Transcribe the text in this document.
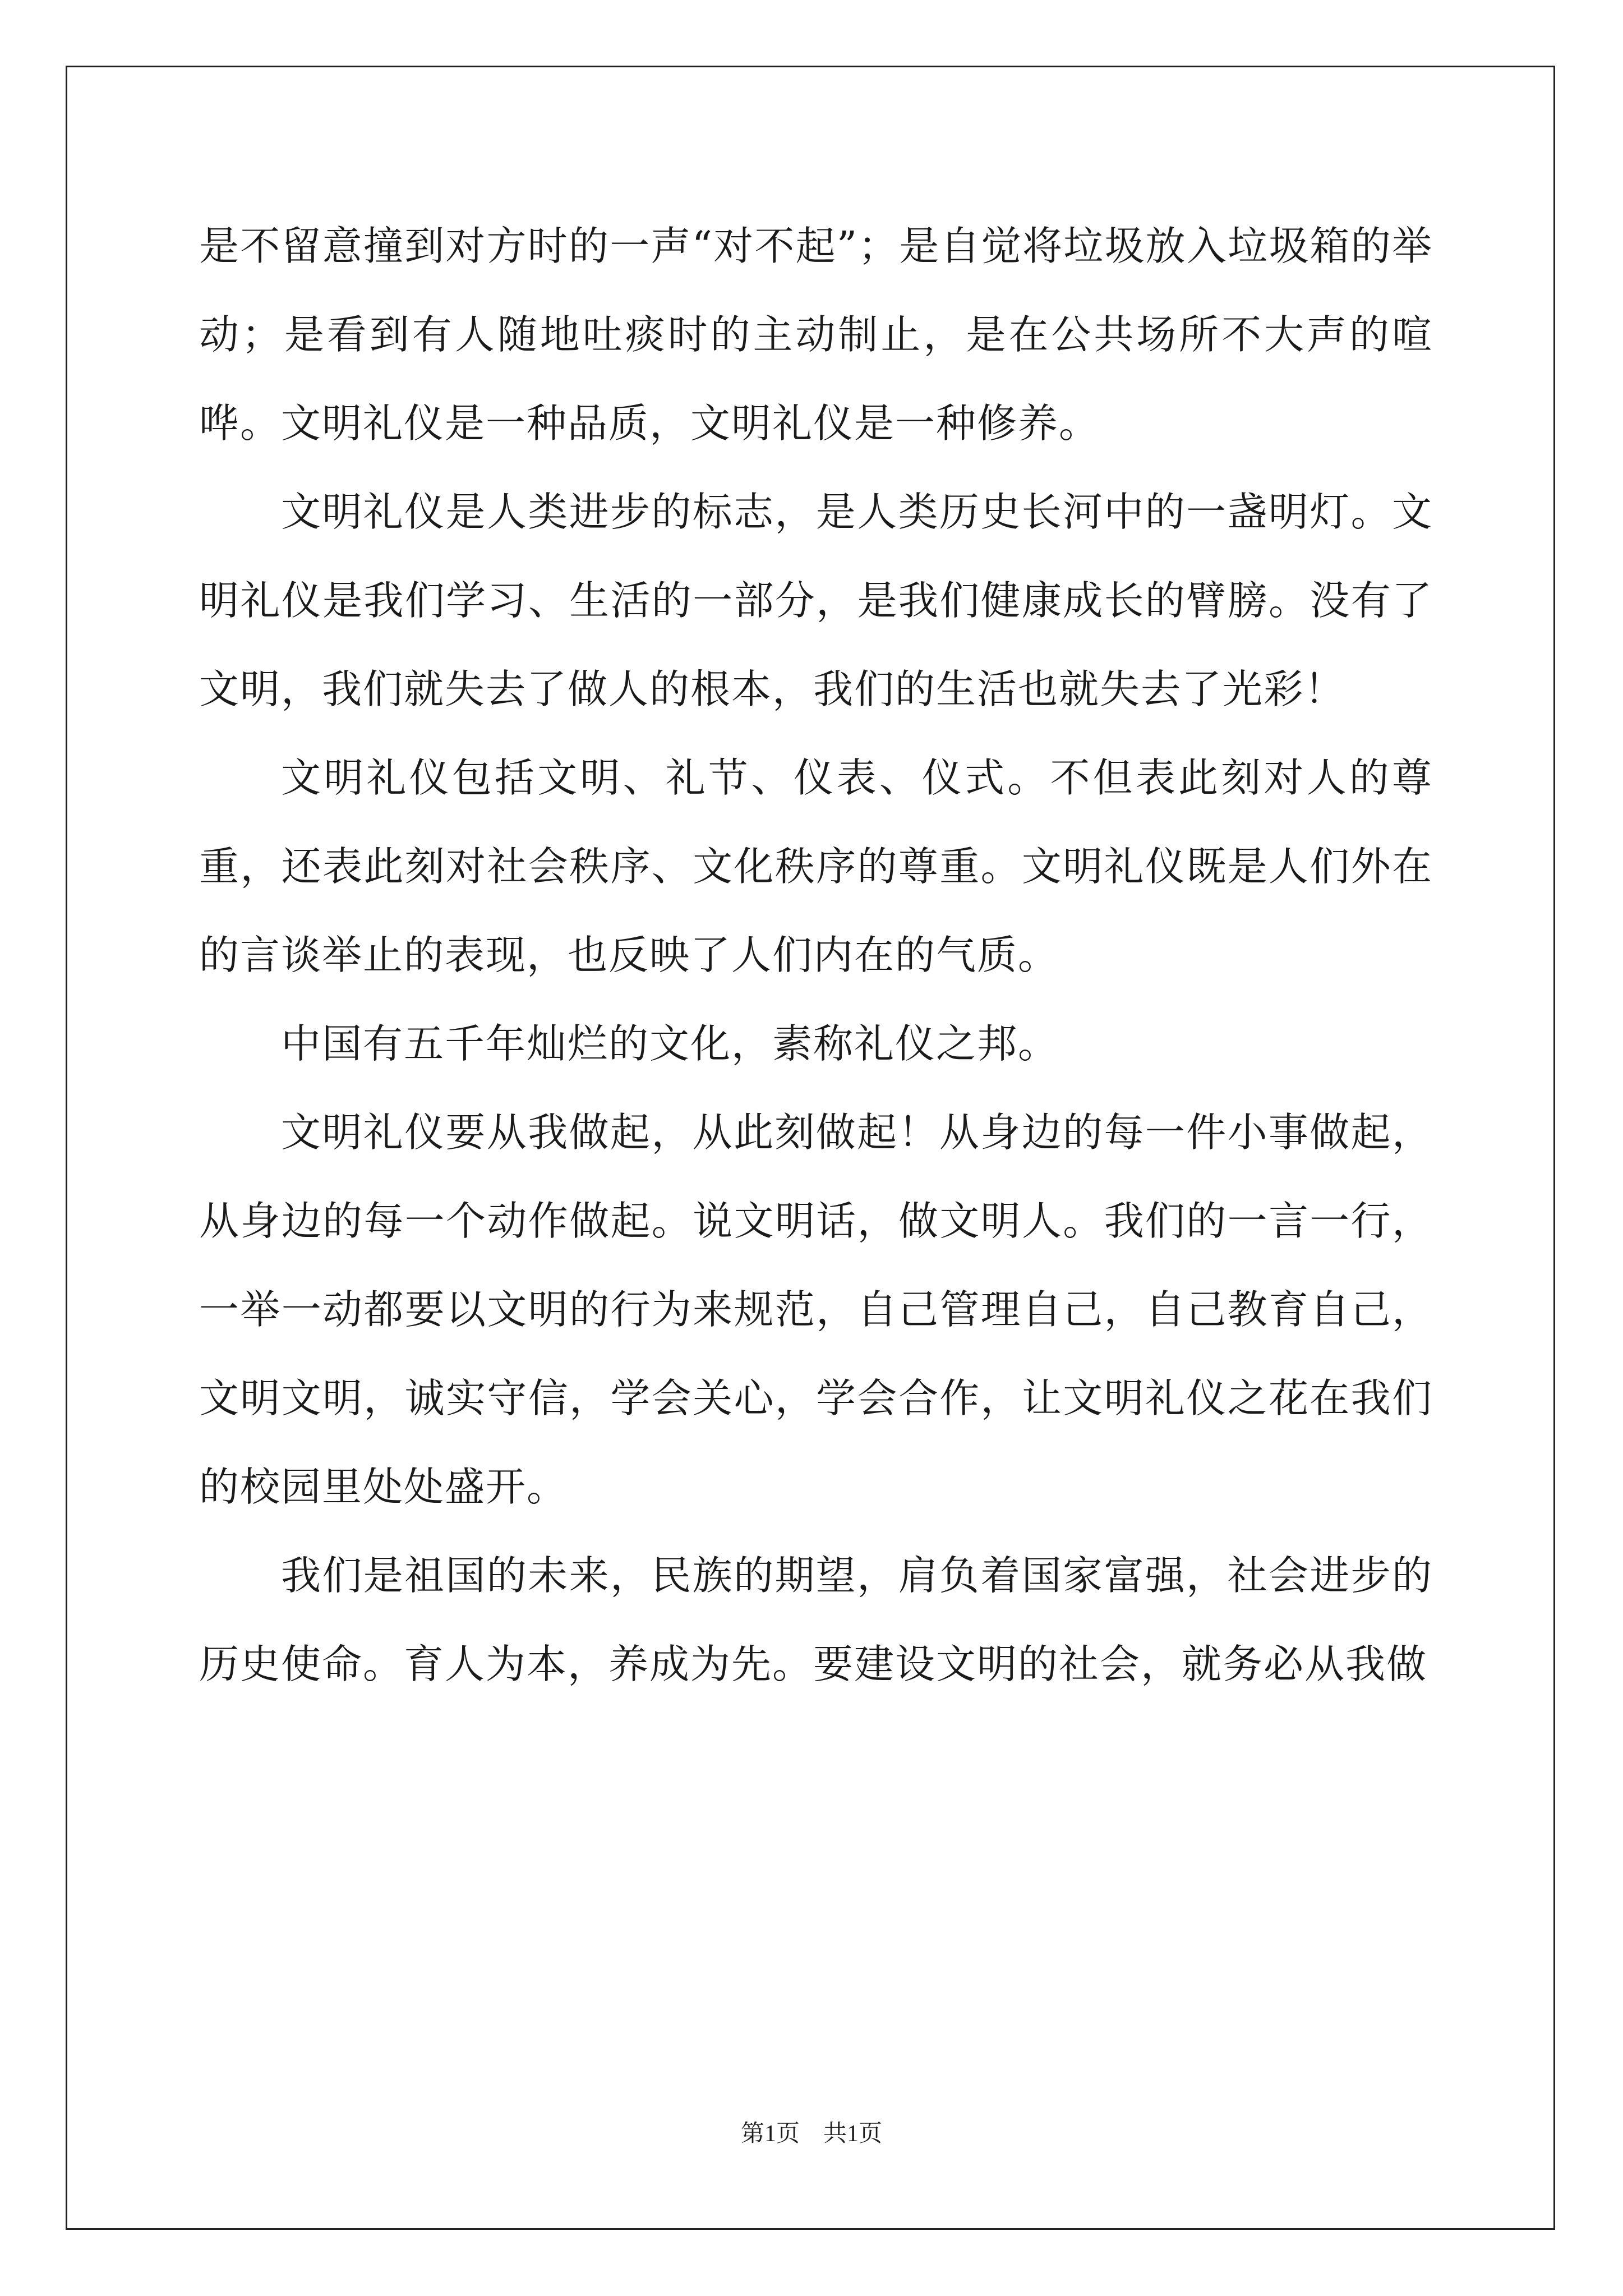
是不留意撞到对方时的一声“对不起”；是自觉将垃圾放入垃圾箱的举动；是看到有人随地吐痰时的主动制止，是在公共场所不大声的喧哗。文明礼仪是一种品质，文明礼仪是一种修养。

文明礼仪是人类进步的标志，是人类历史长河中的一盏明灯。文明礼仪是我们学习、生活的一部分，是我们健康成长的臂膀。没有了文明，我们就失去了做人的根本，我们的生活也就失去了光彩！

文明礼仪包括文明、礼节、仪表、仪式。不但表此刻对人的尊重，还表此刻对社会秩序、文化秩序的尊重。文明礼仪既是人们外在的言谈举止的表现，也反映了人们内在的气质。

中国有五千年灿烂的文化，素称礼仪之邦。

文明礼仪要从我做起，从此刻做起！从身边的每一件小事做起，从身边的每一个动作做起。说文明话，做文明人。我们的一言一行，一举一动都要以文明的行为来规范，自己管理自己，自己教育自己，文明文明，诚实守信，学会关心，学会合作，让文明礼仪之花在我们的校园里处处盛开。

我们是祖国的未来，民族的期望，肩负着国家富强，社会进步的历史使命。育人为本，养成为先。要建设文明的社会，就务必从我做

第1页 共1页
